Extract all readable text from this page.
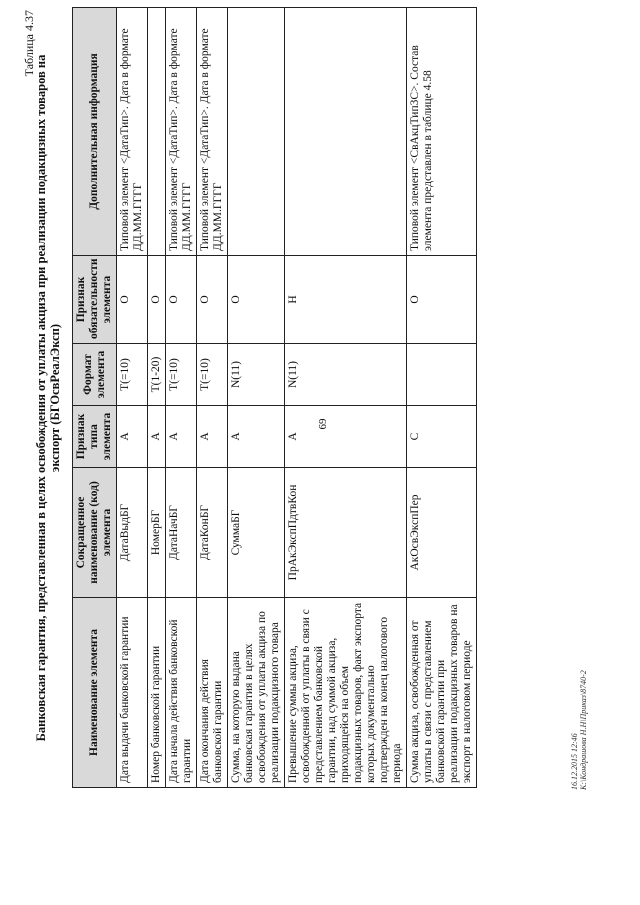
69
Таблица 4.37
Банковская гарантия, представленная в целях освобождения от уплаты акциза при реализации подакцизных товаров на экспорт (БГОсвРеалЭксп)
Наименование элемента	Сокращенное наименование (код) элемента	Признак типа элемента	Формат элемента	Признак обязательности элемента	Дополнительная информация
Дата выдачи банковской гарантии	ДатаВыдБГ	А	T(=10)	О	Типовой элемент <ДатаТип>. Дата в формате ДД.ММ.ГГГГ
Номер банковской гарантии	НомерБГ	А	T(1-20)	О	
Дата начала действия банковской гарантии	ДатаНачБГ	А	T(=10)	О	Типовой элемент <ДатаТип>. Дата в формате ДД.ММ.ГГГГ
Дата окончания действия банковской гарантии	ДатаКонБГ	А	T(=10)	О	Типовой элемент <ДатаТип>. Дата в формате ДД.ММ.ГГГГ
Сумма, на которую выдана банковская гарантия в целях освобождения от уплаты акциза по реализации подакцизного товара	СуммаБГ	А	N(11)	О	
Превышение суммы акциза, освобожденной от уплаты в связи с представлением банковской гарантии, над суммой акциза, приходящейся на объем подакцизных товаров, факт экспорта которых документально подтвержден на конец налогового периода	ПрАкЭкспПдтвКон	А	N(11)	Н	
Сумма акциза, освобожденная от уплаты в связи с представлением банковской гарантии при реализации подакцизных товаров на экспорт в налоговом периоде	АкОсвЭкспПер	С		О	Типовой элемент <СвАкцТип3С>. Состав элемента представлен в таблице 4.58
16.12.2015 12:46 К:\Кондрашова Н.Н\Приказ\8740-2
